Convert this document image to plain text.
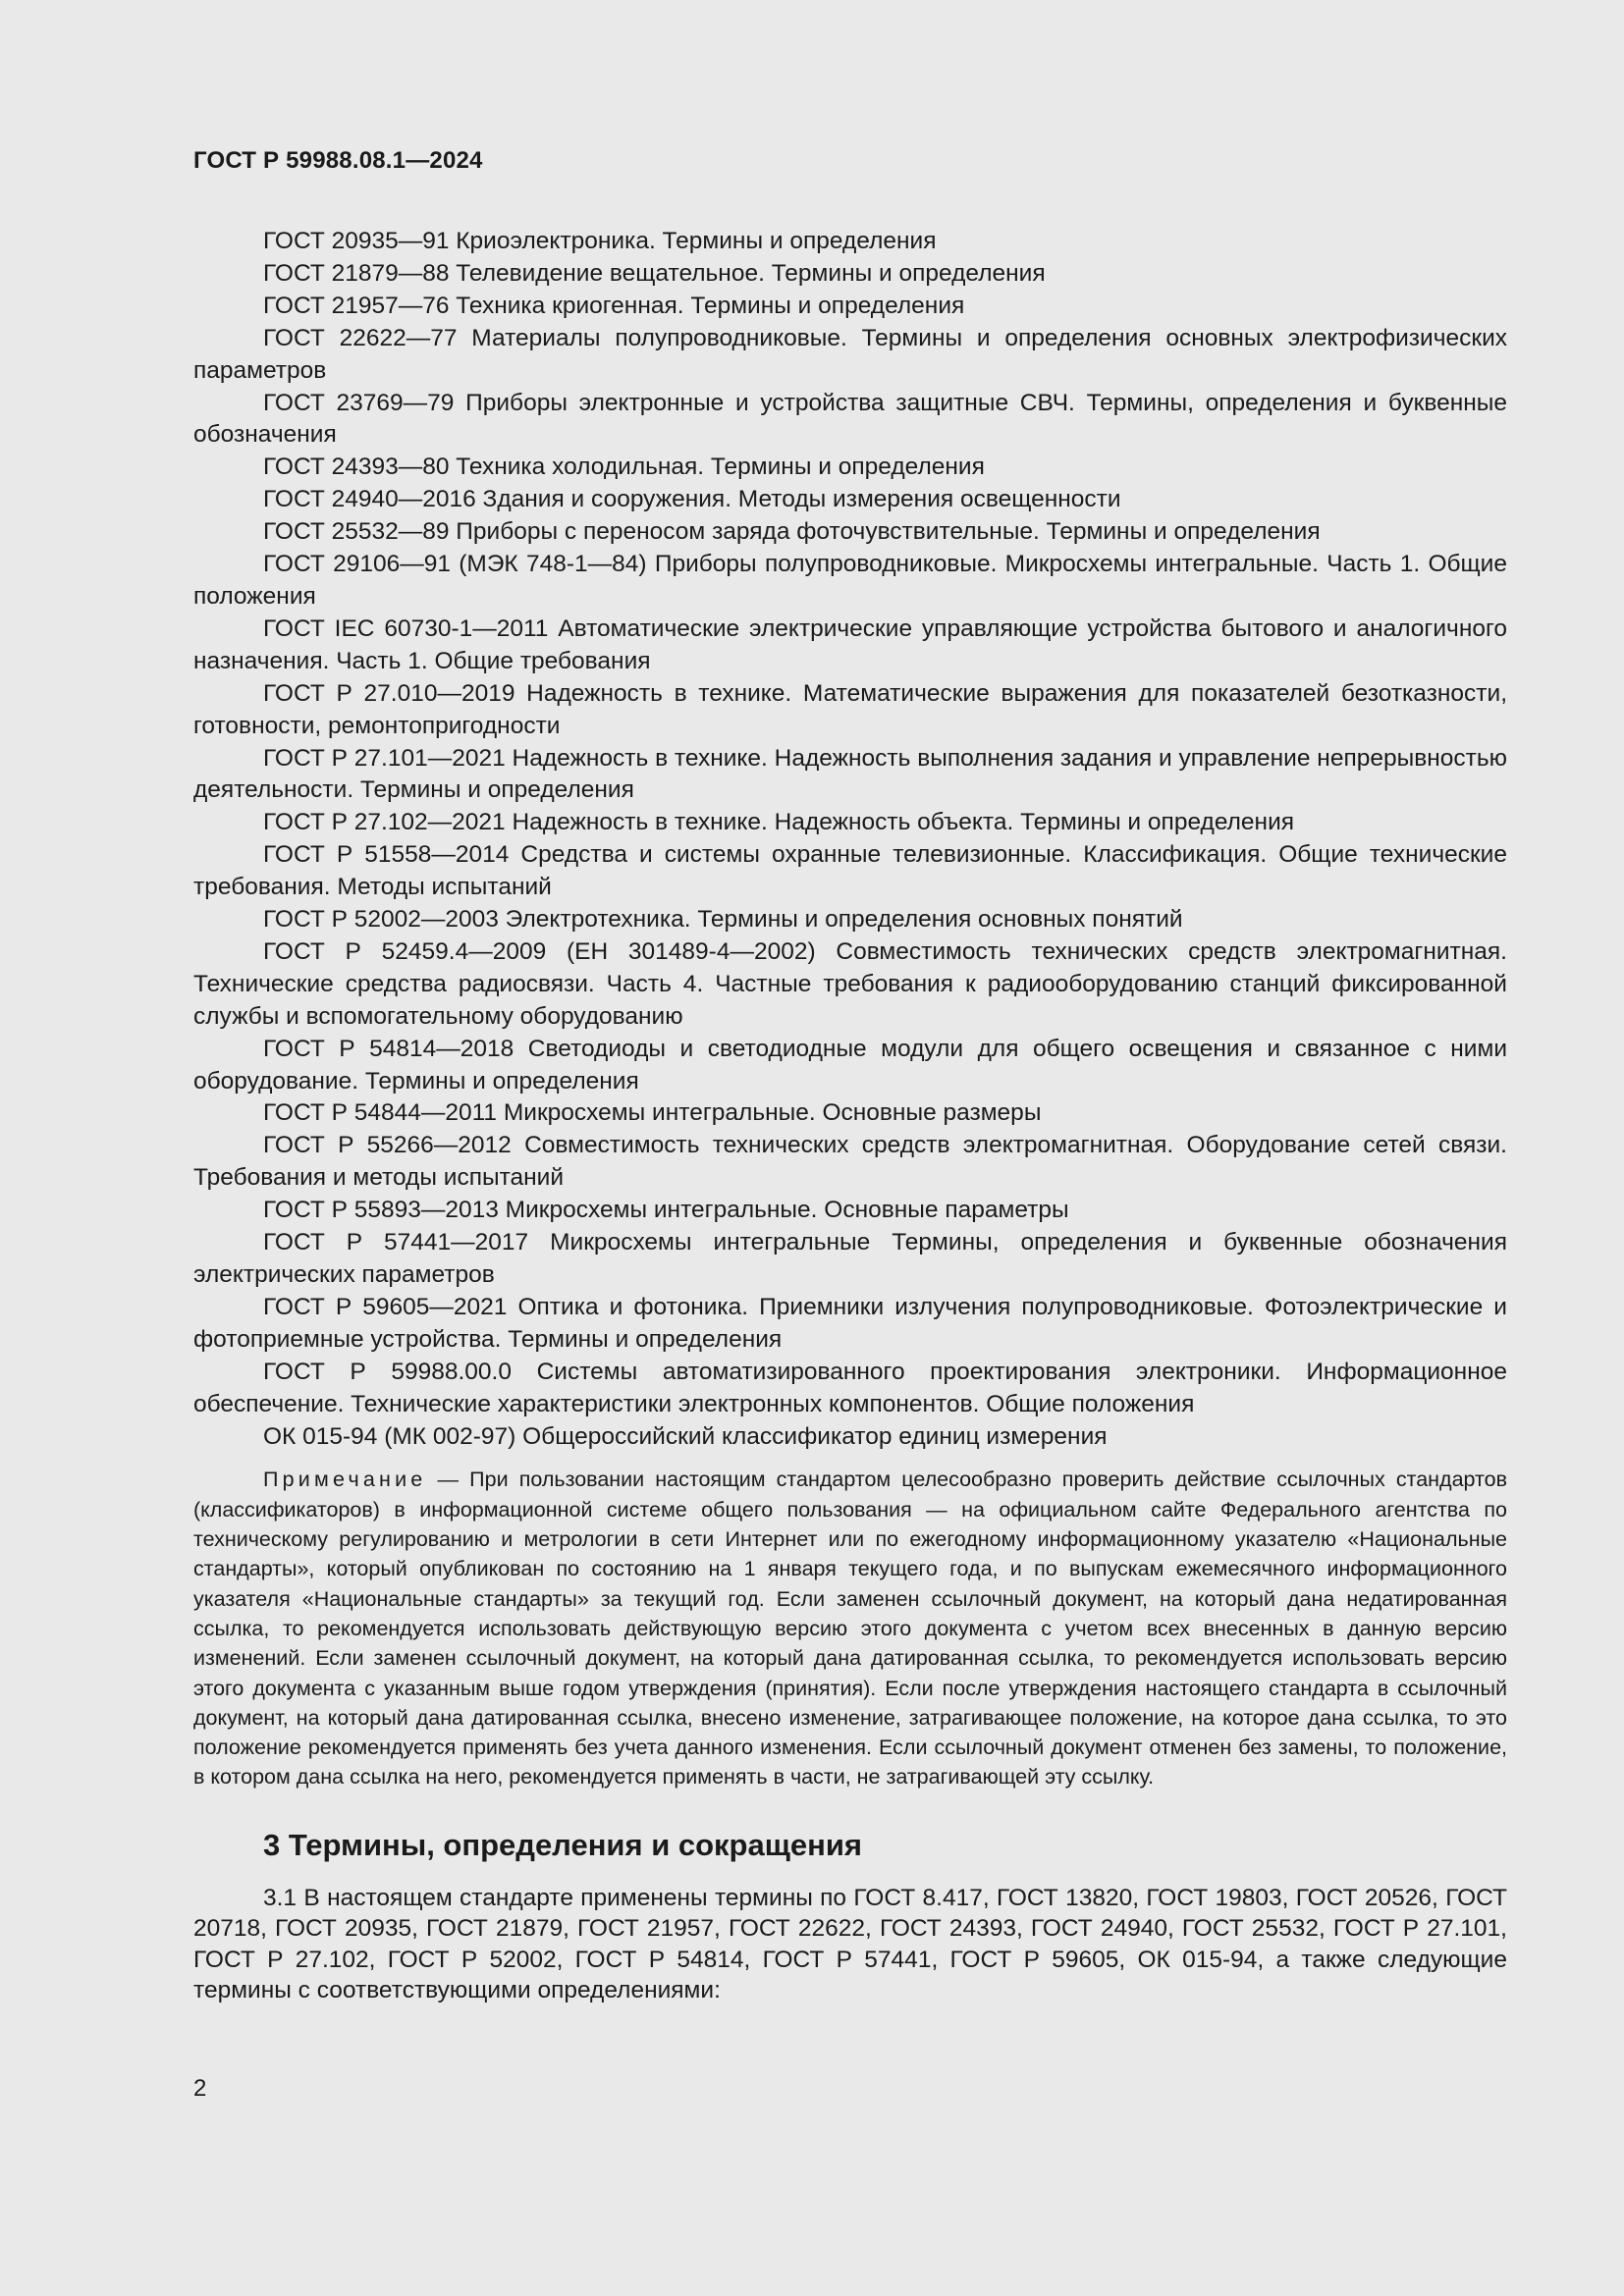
ГОСТ Р 59988.08.1—2024

ГОСТ 20935—91 Криоэлектроника. Термины и определения

ГОСТ 21879—88 Телевидение вещательное. Термины и определения

ГОСТ 21957—76 Техника криогенная. Термины и определения

ГОСТ 22622—77 Материалы полупроводниковые. Термины и определения основных электрофизических параметров

ГОСТ 23769—79 Приборы электронные и устройства защитные СВЧ. Термины, определения и буквенные обозначения

ГОСТ 24393—80 Техника холодильная. Термины и определения

ГОСТ 24940—2016 Здания и сооружения. Методы измерения освещенности

ГОСТ 25532—89 Приборы с переносом заряда фоточувствительные. Термины и определения

ГОСТ 29106—91 (МЭК 748-1—84) Приборы полупроводниковые. Микросхемы интегральные. Часть 1. Общие положения

ГОСТ IEC 60730-1—2011 Автоматические электрические управляющие устройства бытового и аналогичного назначения. Часть 1. Общие требования

ГОСТ Р 27.010—2019 Надежность в технике. Математические выражения для показателей безотказности, готовности, ремонтопригодности

ГОСТ Р 27.101—2021 Надежность в технике. Надежность выполнения задания и управление непрерывностью деятельности. Термины и определения

ГОСТ Р 27.102—2021 Надежность в технике. Надежность объекта. Термины и определения

ГОСТ Р 51558—2014 Средства и системы охранные телевизионные. Классификация. Общие технические требования. Методы испытаний

ГОСТ Р 52002—2003 Электротехника. Термины и определения основных понятий

ГОСТ Р 52459.4—2009 (ЕН 301489-4—2002) Совместимость технических средств электромагнитная. Технические средства радиосвязи. Часть 4. Частные требования к радиооборудованию станций фиксированной службы и вспомогательному оборудованию

ГОСТ Р 54814—2018 Светодиоды и светодиодные модули для общего освещения и связанное с ними оборудование. Термины и определения

ГОСТ Р 54844—2011 Микросхемы интегральные. Основные размеры

ГОСТ Р 55266—2012 Совместимость технических средств электромагнитная. Оборудование сетей связи. Требования и методы испытаний

ГОСТ Р 55893—2013 Микросхемы интегральные. Основные параметры

ГОСТ Р 57441—2017 Микросхемы интегральные Термины, определения и буквенные обозначения электрических параметров

ГОСТ Р 59605—2021 Оптика и фотоника. Приемники излучения полупроводниковые. Фотоэлектрические и фотоприемные устройства. Термины и определения

ГОСТ Р 59988.00.0 Системы автоматизированного проектирования электроники. Информационное обеспечение. Технические характеристики электронных компонентов. Общие положения

ОК 015-94 (МК 002-97) Общероссийский классификатор единиц измерения

Примечание — При пользовании настоящим стандартом целесообразно проверить действие ссылочных стандартов (классификаторов) в информационной системе общего пользования — на официальном сайте Федерального агентства по техническому регулированию и метрологии в сети Интернет или по ежегодному информационному указателю «Национальные стандарты», который опубликован по состоянию на 1 января текущего года, и по выпускам ежемесячного информационного указателя «Национальные стандарты» за текущий год. Если заменен ссылочный документ, на который дана недатированная ссылка, то рекомендуется использовать действующую версию этого документа с учетом всех внесенных в данную версию изменений. Если заменен ссылочный документ, на который дана датированная ссылка, то рекомендуется использовать версию этого документа с указанным выше годом утверждения (принятия). Если после утверждения настоящего стандарта в ссылочный документ, на который дана датированная ссылка, внесено изменение, затрагивающее положение, на которое дана ссылка, то это положение рекомендуется применять без учета данного изменения. Если ссылочный документ отменен без замены, то положение, в котором дана ссылка на него, рекомендуется применять в части, не затрагивающей эту ссылку.

3 Термины, определения и сокращения

3.1 В настоящем стандарте применены термины по ГОСТ 8.417, ГОСТ 13820, ГОСТ 19803, ГОСТ 20526, ГОСТ 20718, ГОСТ 20935, ГОСТ 21879, ГОСТ 21957, ГОСТ 22622, ГОСТ 24393, ГОСТ 24940, ГОСТ 25532, ГОСТ Р 27.101, ГОСТ Р 27.102, ГОСТ Р 52002, ГОСТ Р 54814, ГОСТ Р 57441, ГОСТ Р 59605, ОК 015-94, а также следующие термины с соответствующими определениями:

2
